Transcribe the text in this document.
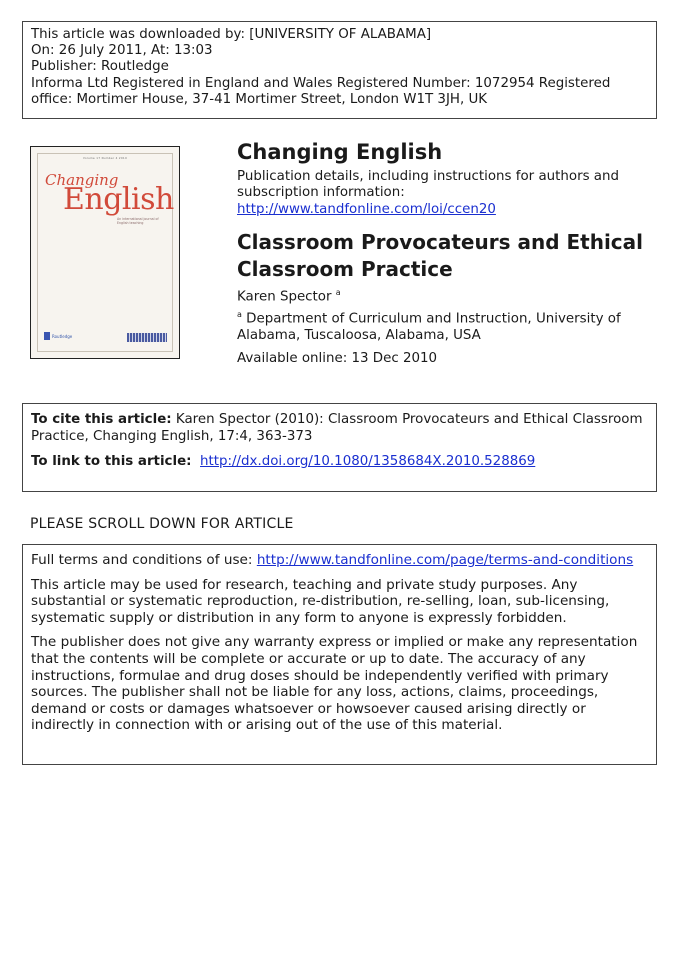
This article was downloaded by: [UNIVERSITY OF ALABAMA]
On: 26 July 2011, At: 13:03
Publisher: Routledge
Informa Ltd Registered in England and Wales Registered Number: 1072954 Registered
office: Mortimer House, 37-41 Mortimer Street, London W1T 3JH, UK
Volume 17 Number 4 2010
Changing
English
An international journal of English teaching
Routledge
Changing English
Publication details, including instructions for authors and subscription information:
http://www.tandfonline.com/loi/ccen20
Classroom Provocateurs and Ethical Classroom Practice
Karen Spector $^a$
$^a$ Department of Curriculum and Instruction, University of Alabama, Tuscaloosa, Alabama, USA
Available online: 13 Dec 2010
To cite this article: Karen Spector (2010): Classroom Provocateurs and Ethical Classroom Practice, Changing English, 17:4, 363-373
To link to this article: http://dx.doi.org/10.1080/1358684X.2010.528869
PLEASE SCROLL DOWN FOR ARTICLE

Full terms and conditions of use: http://www.tandfonline.com/page/terms-and-conditions

This article may be used for research, teaching and private study purposes. Any substantial or systematic reproduction, re-distribution, re-selling, loan, sub-licensing, systematic supply or distribution in any form to anyone is expressly forbidden.

The publisher does not give any warranty express or implied or make any representation that the contents will be complete or accurate or up to date. The accuracy of any instructions, formulae and drug doses should be independently verified with primary sources. The publisher shall not be liable for any loss, actions, claims, proceedings, demand or costs or damages whatsoever or howsoever caused arising directly or indirectly in connection with or arising out of the use of this material.
